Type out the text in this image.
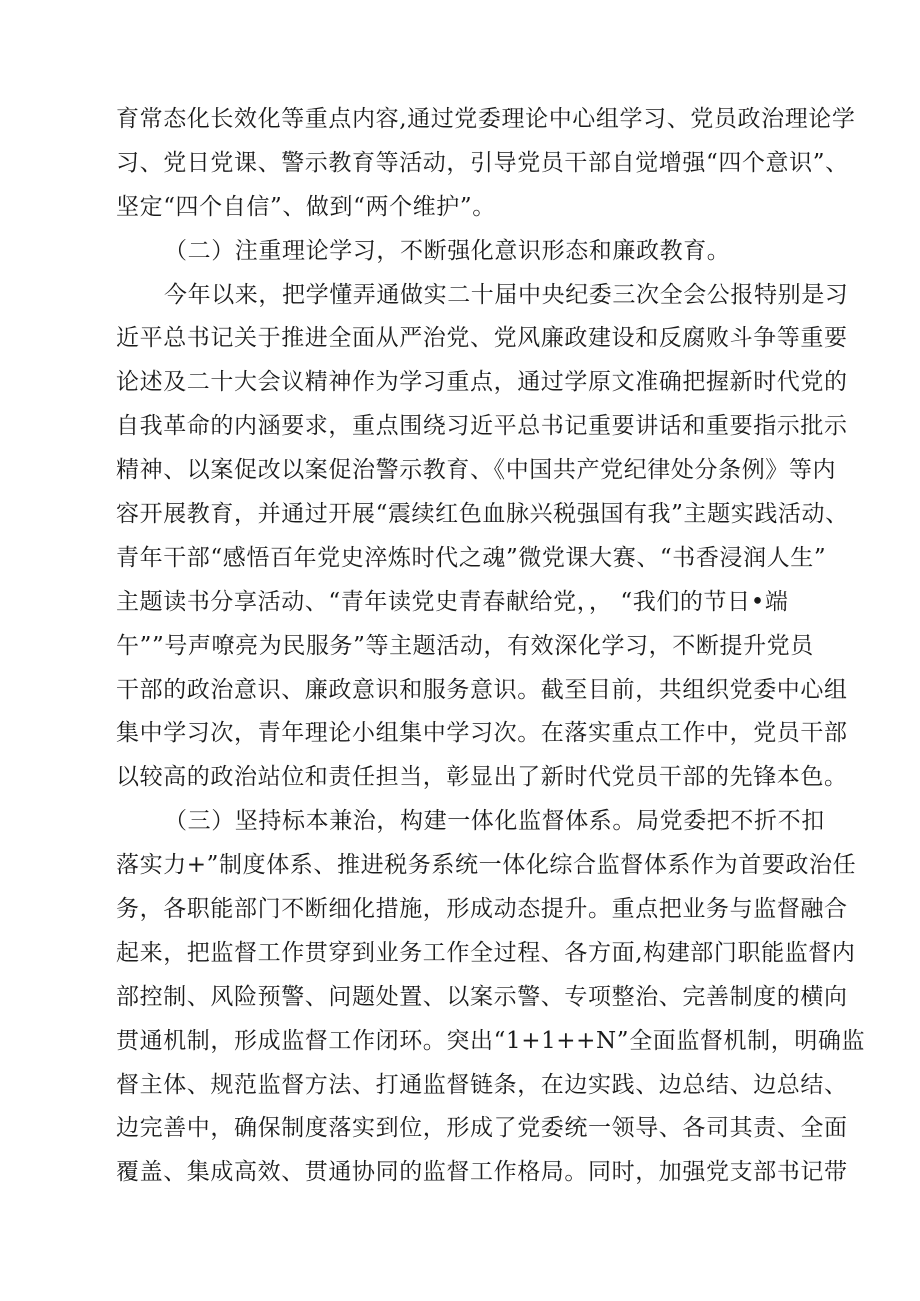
育常态化长效化等重点内容,通过党委理论中心组学习、党员政治理论学
习、党日党课、警示教育等活动，引导党员干部自觉增强“四个意识”、
坚定“四个自信”、做到“两个维护”。
（二）注重理论学习，不断强化意识形态和廉政教育。
今年以来，把学懂弄通做实二十届中央纪委三次全会公报特别是习
近平总书记关于推进全面从严治党、党风廉政建设和反腐败斗争等重要
论述及二十大会议精神作为学习重点，通过学原文准确把握新时代党的
自我革命的内涵要求，重点围绕习近平总书记重要讲话和重要指示批示
精神、以案促改以案促治警示教育、《中国共产党纪律处分条例》等内
容开展教育，并通过开展“震续红色血脉兴税强国有我”主题实践活动、
青年干部“感悟百年党史淬炼时代之魂”微党课大赛、“书香浸润人生”
主题读书分享活动、“青年读党史青春献给党，， “我们的节日•端
午””号声嘹亮为民服务”等主题活动，有效深化学习，不断提升党员
干部的政治意识、廉政意识和服务意识。截至目前，共组织党委中心组
集中学习次，青年理论小组集中学习次。在落实重点工作中，党员干部
以较高的政治站位和责任担当，彰显出了新时代党员干部的先锋本色。
（三）坚持标本兼治，构建一体化监督体系。局党委把不折不扣
落实力+”制度体系、推进税务系统一体化综合监督体系作为首要政治任
务，各职能部门不断细化措施，形成动态提升。重点把业务与监督融合
起来，把监督工作贯穿到业务工作全过程、各方面,构建部门职能监督内
部控制、风险预警、问题处置、以案示警、专项整治、完善制度的横向
贯通机制，形成监督工作闭环。突出“1+1++N”全面监督机制，明确监
督主体、规范监督方法、打通监督链条，在边实践、边总结、边总结、
边完善中，确保制度落实到位，形成了党委统一领导、各司其责、全面
覆盖、集成高效、贯通协同的监督工作格局。同时，加强党支部书记带
